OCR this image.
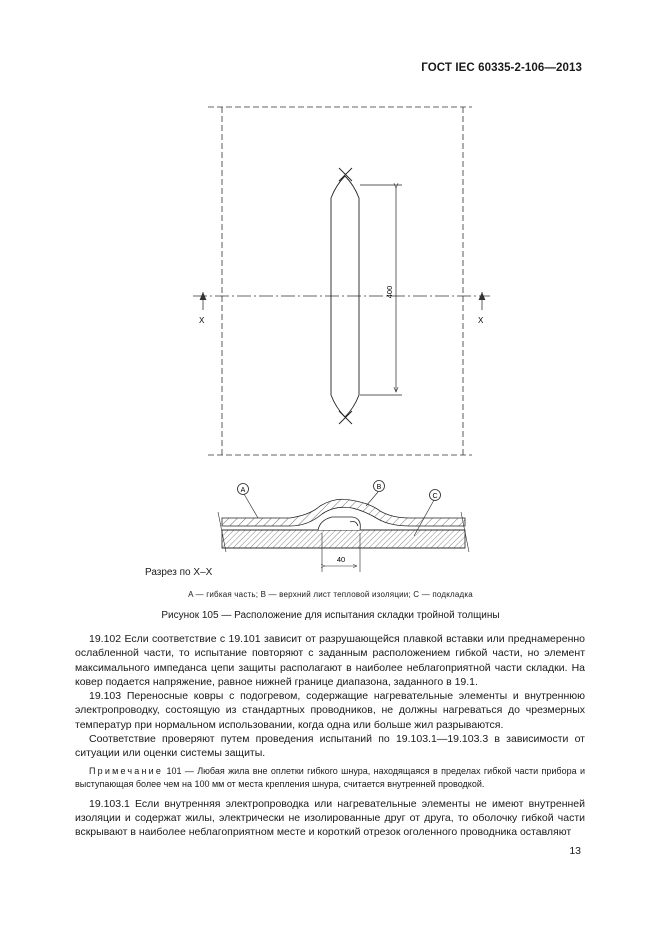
ГОСТ IEC 60335-2-106—2013
X	X
400
A	B
C
40
Разрез по X–X
A — гибкая часть; B — верхний лист тепловой изоляции; C — подкладка
Рисунок 105 — Расположение для испытания складки тройной толщины

19.102 Если соответствие с 19.101 зависит от разрушающейся плавкой вставки или преднамеренно ослабленной части, то испытание повторяют с заданным расположением гибкой части, но элемент максимального импеданса цепи защиты располагают в наиболее неблагоприятной части складки. На ковер подается напряжение, равное нижней границе диапазона, заданного в 19.1.

19.103 Переносные ковры с подогревом, содержащие нагревательные элементы и внутреннюю электропроводку, состоящую из стандартных проводников, не должны нагреваться до чрезмерных температур при нормальном использовании, когда одна или больше жил разрываются.

Соответствие проверяют путем проведения испытаний по 19.103.1—19.103.3 в зависимости от ситуации или оценки системы защиты.

Примечание 101 — Любая жила вне оплетки гибкого шнура, находящаяся в пределах гибкой части прибора и выступающая более чем на 100 мм от места крепления шнура, считается внутренней проводкой.

19.103.1 Если внутренняя электропроводка или нагревательные элементы не имеют внутренней изоляции и содержат жилы, электрически не изолированные друг от друга, то оболочку гибкой части вскрывают в наиболее неблагоприятном месте и короткий отрезок оголенного проводника оставляют

13
